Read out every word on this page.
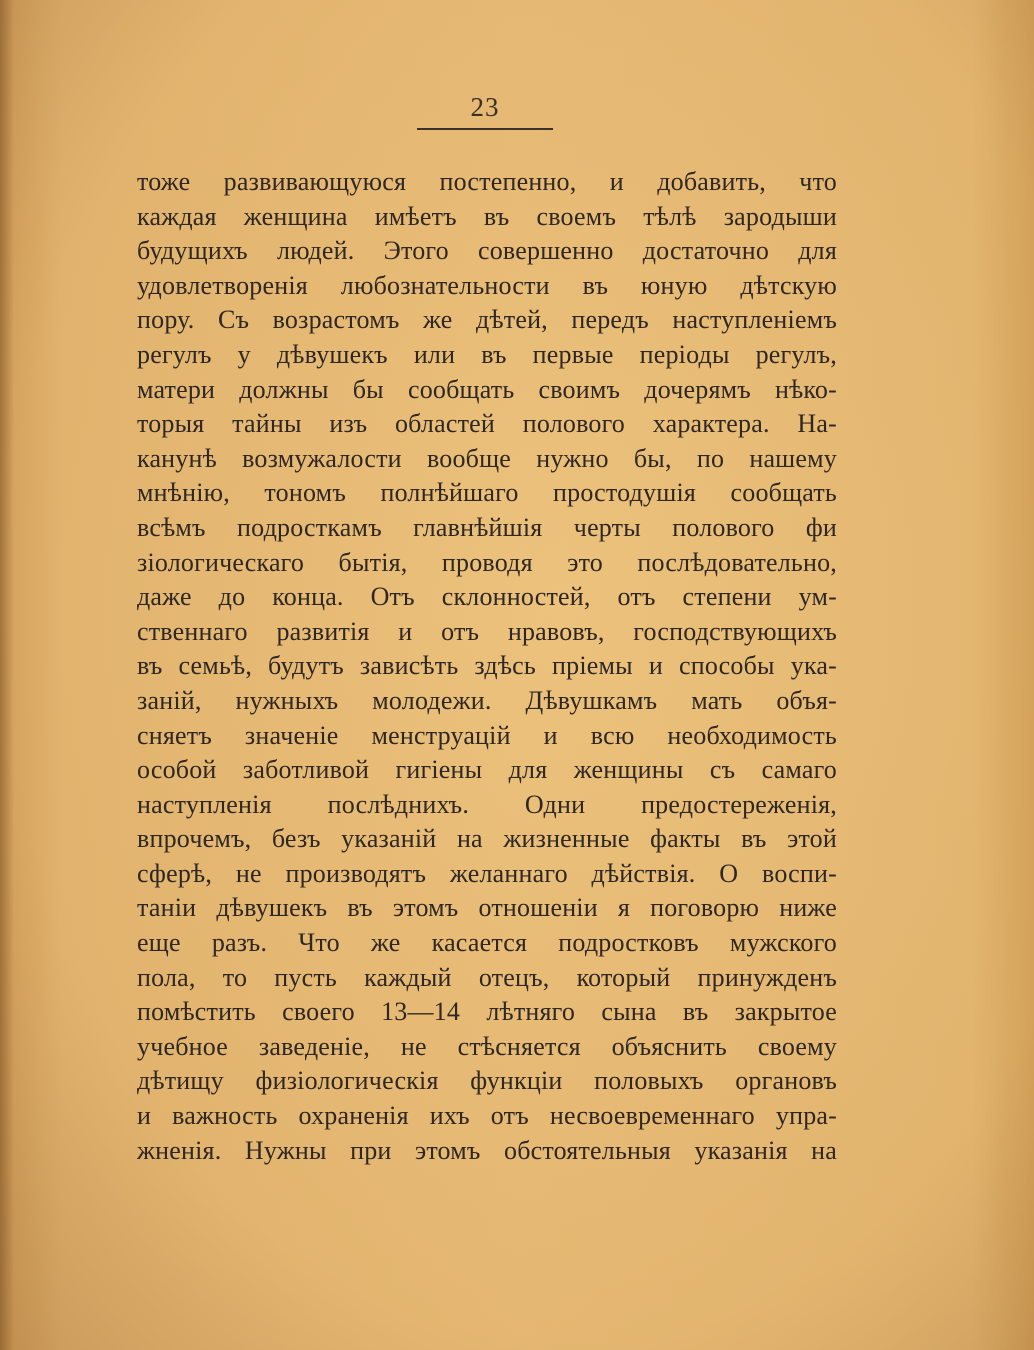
23
тоже развивающуюся постепенно, и добавить, что
каждая женщина имѣетъ въ своемъ тѣлѣ зародыши
будущихъ людей. Этого совершенно достаточно для
удовлетворенія любознательности въ юную дѣтскую
пору. Съ возрастомъ же дѣтей, передъ наступленіемъ
регулъ у дѣвушекъ или въ первые періоды регулъ,
матери должны бы сообщать своимъ дочерямъ нѣко-
торыя тайны изъ областей полового характера. На-
канунѣ возмужалости вообще нужно бы, по нашему
мнѣнію, тономъ полнѣйшаго простодушія сообщать
всѣмъ подросткамъ главнѣйшія черты полового фи
зіологическаго бытія, проводя это послѣдовательно,
даже до конца. Отъ склонностей, отъ степени ум-
ственнаго развитія и отъ нравовъ, господствующихъ
въ семьѣ, будутъ зависѣть здѣсь пріемы и способы ука-
заній, нужныхъ молодежи. Дѣвушкамъ мать объя-
сняетъ значеніе менструацій и всю необходимость
особой заботливой гигіены для женщины съ самаго
наступленія послѣднихъ. Одни предостереженія,
впрочемъ, безъ указаній на жизненные факты въ этой
сферѣ, не производятъ желаннаго дѣйствія. О воспи-
таніи дѣвушекъ въ этомъ отношеніи я поговорю ниже
еще разъ. Что же касается подростковъ мужского
пола, то пусть каждый отецъ, который принужденъ
помѣстить своего 13—14 лѣтняго сына въ закрытое
учебное заведеніе, не стѣсняется объяснить своему
дѣтищу физіологическія функціи половыхъ органовъ
и важность охраненія ихъ отъ несвоевременнаго упра-
жненія. Нужны при этомъ обстоятельныя указанія на
